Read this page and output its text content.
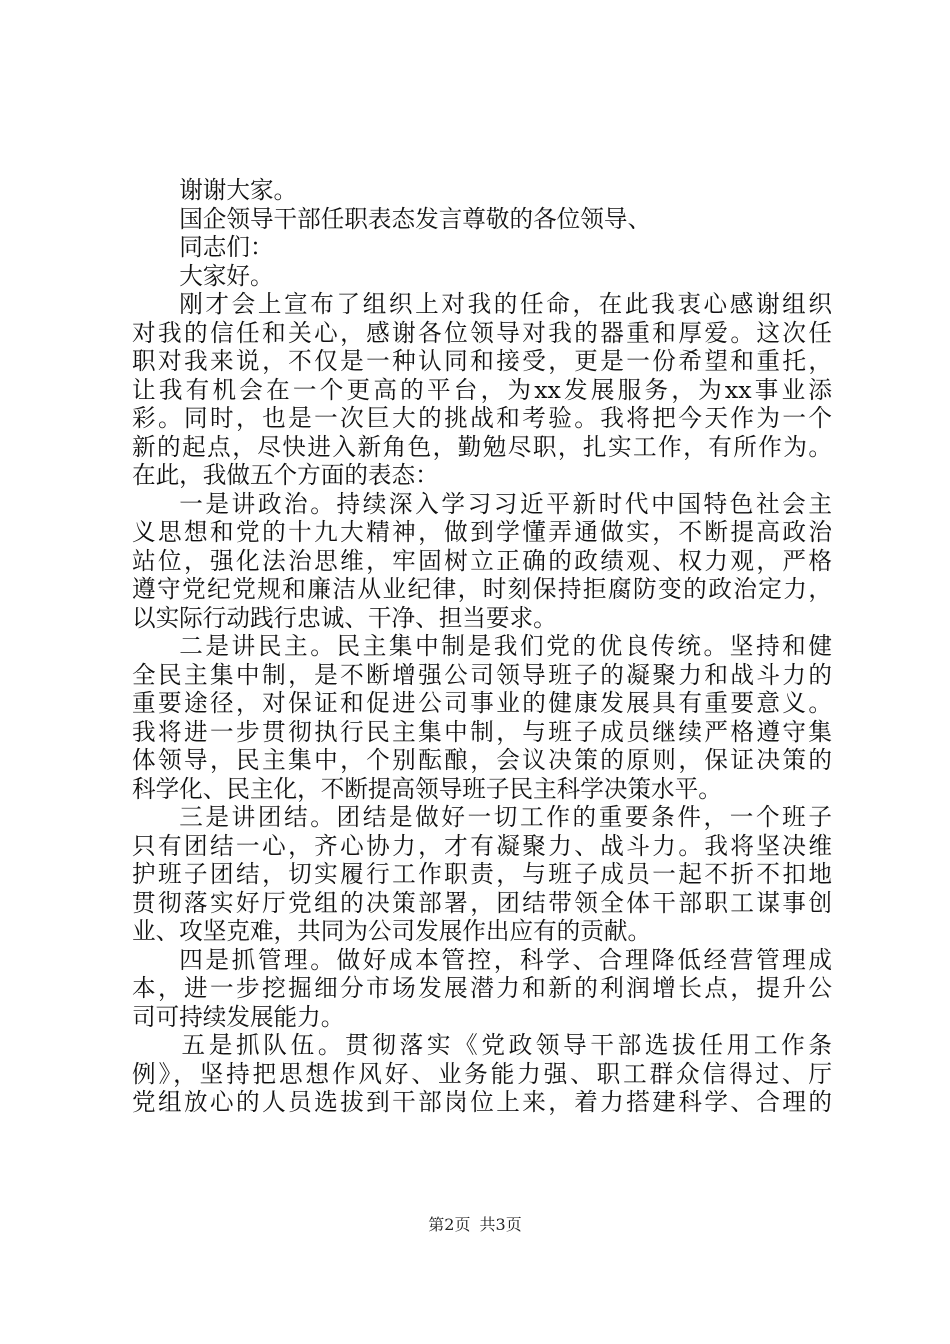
谢谢大家。
国企领导干部任职表态发言尊敬的各位领导、
同志们：
大家好。
刚才会上宣布了组织上对我的任命，在此我衷心感谢组织
对我的信任和关心，感谢各位领导对我的器重和厚爱。这次任
职对我来说，不仅是一种认同和接受，更是一份希望和重托，
让我有机会在一个更高的平台，为xx发展服务，为xx事业添
彩。同时，也是一次巨大的挑战和考验。我将把今天作为一个
新的起点，尽快进入新角色，勤勉尽职，扎实工作，有所作为。
在此，我做五个方面的表态：
一是讲政治。持续深入学习习近平新时代中国特色社会主
义思想和党的十九大精神，做到学懂弄通做实，不断提高政治
站位，强化法治思维，牢固树立正确的政绩观、权力观，严格
遵守党纪党规和廉洁从业纪律，时刻保持拒腐防变的政治定力，
以实际行动践行忠诚、干净、担当要求。
二是讲民主。民主集中制是我们党的优良传统。坚持和健
全民主集中制，是不断增强公司领导班子的凝聚力和战斗力的
重要途径，对保证和促进公司事业的健康发展具有重要意义。
我将进一步贯彻执行民主集中制，与班子成员继续严格遵守集
体领导，民主集中，个别酝酿，会议决策的原则，保证决策的
科学化、民主化，不断提高领导班子民主科学决策水平。
三是讲团结。团结是做好一切工作的重要条件，一个班子
只有团结一心，齐心协力，才有凝聚力、战斗力。我将坚决维
护班子团结，切实履行工作职责，与班子成员一起不折不扣地
贯彻落实好厅党组的决策部署，团结带领全体干部职工谋事创
业、攻坚克难，共同为公司发展作出应有的贡献。
四是抓管理。做好成本管控，科学、合理降低经营管理成
本，进一步挖掘细分市场发展潜力和新的利润增长点，提升公
司可持续发展能力。
五是抓队伍。贯彻落实《党政领导干部选拔任用工作条
例》，坚持把思想作风好、业务能力强、职工群众信得过、厅
党组放心的人员选拔到干部岗位上来，着力搭建科学、合理的
第2页 共3页
